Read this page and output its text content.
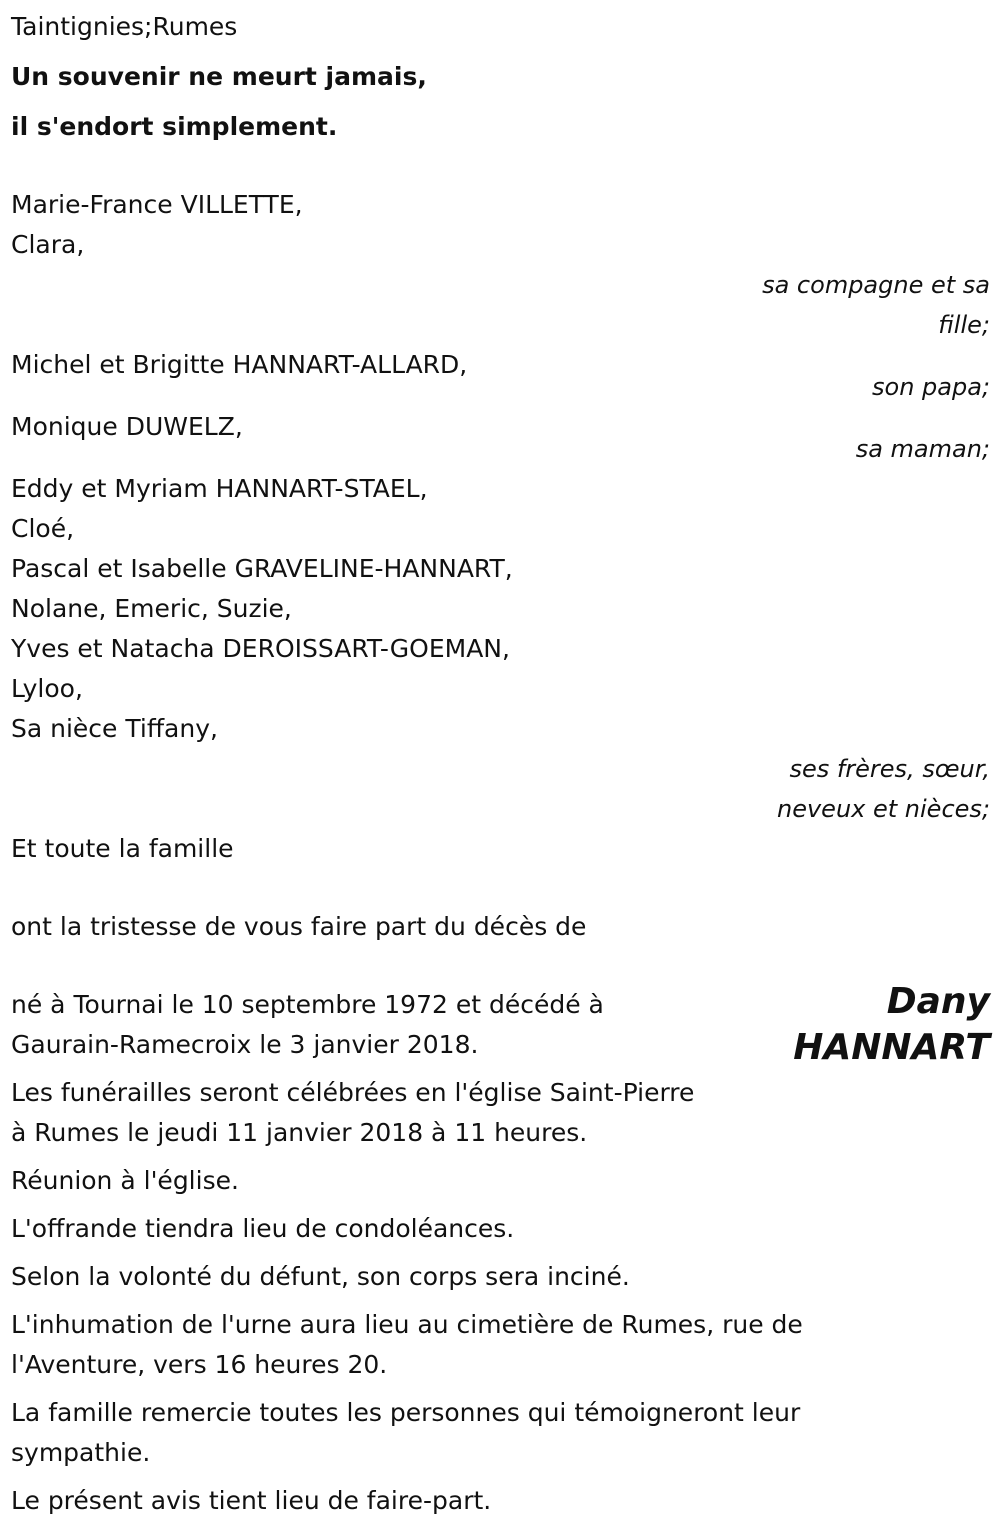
Taintignies;Rumes
Un souvenir ne meurt jamais,
il s'endort simplement.
Marie-France VILLETTE,
Clara,
sa compagne et sa
fille;
Michel et Brigitte HANNART-ALLARD,
son papa;
Monique DUWELZ,
sa maman;
Eddy et Myriam HANNART-STAEL,
Cloé,
Pascal et Isabelle GRAVELINE-HANNART,
Nolane, Emeric, Suzie,
Yves et Natacha DEROISSART-GOEMAN,
Lyloo,
Sa nièce Tiffany,
ses frères, sœur,
neveux et nièces;
Et toute la famille
ont la tristesse de vous faire part du décès de
Dany
HANNART
né à Tournai le 10 septembre 1972 et décédé à
Gaurain-Ramecroix le 3 janvier 2018.
Les funérailles seront célébrées en l'église Saint-Pierre
à Rumes le jeudi 11 janvier 2018 à 11 heures.
Réunion à l'église.
L'offrande tiendra lieu de condoléances.
Selon la volonté du défunt, son corps sera inciné.
L'inhumation de l'urne aura lieu au cimetière de Rumes, rue de
l'Aventure, vers 16 heures 20.
La famille remercie toutes les personnes qui témoigneront leur
sympathie.
Le présent avis tient lieu de faire-part.
